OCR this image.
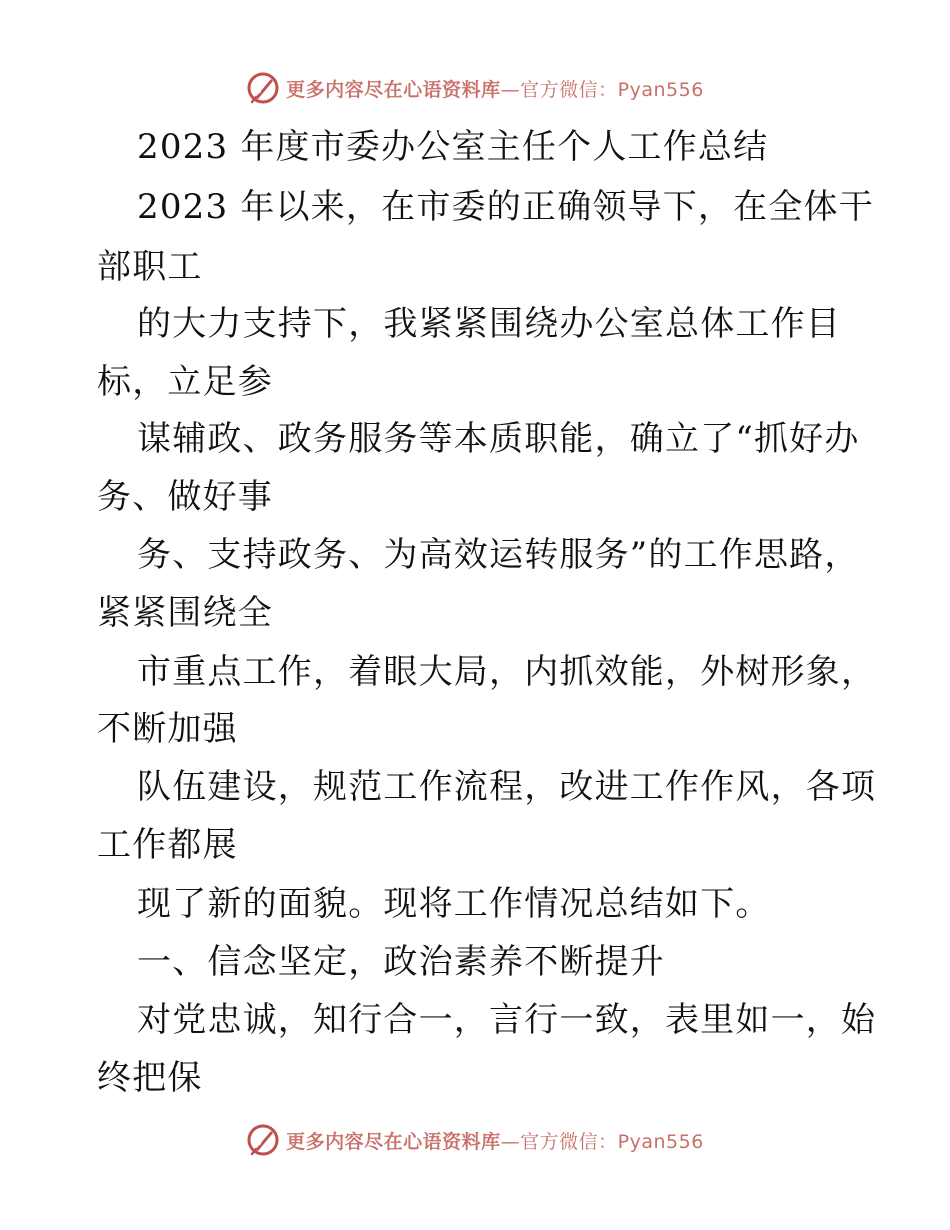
更多内容尽在心语资料库—官方微信：Pyan556
2023 年度市委办公室主任个人工作总结
2023 年以来，在市委的正确领导下，在全体干
部职工
的大力支持下，我紧紧围绕办公室总体工作目
标，立足参
谋辅政、政务服务等本质职能，确立了“抓好办
务、做好事
务、支持政务、为高效运转服务”的工作思路，
紧紧围绕全
市重点工作，着眼大局，内抓效能，外树形象，
不断加强
队伍建设，规范工作流程，改进工作作风，各项
工作都展
现了新的面貌。现将工作情况总结如下。
一、信念坚定，政治素养不断提升
对党忠诚，知行合一，言行一致，表里如一，始
终把保
更多内容尽在心语资料库—官方微信：Pyan556
